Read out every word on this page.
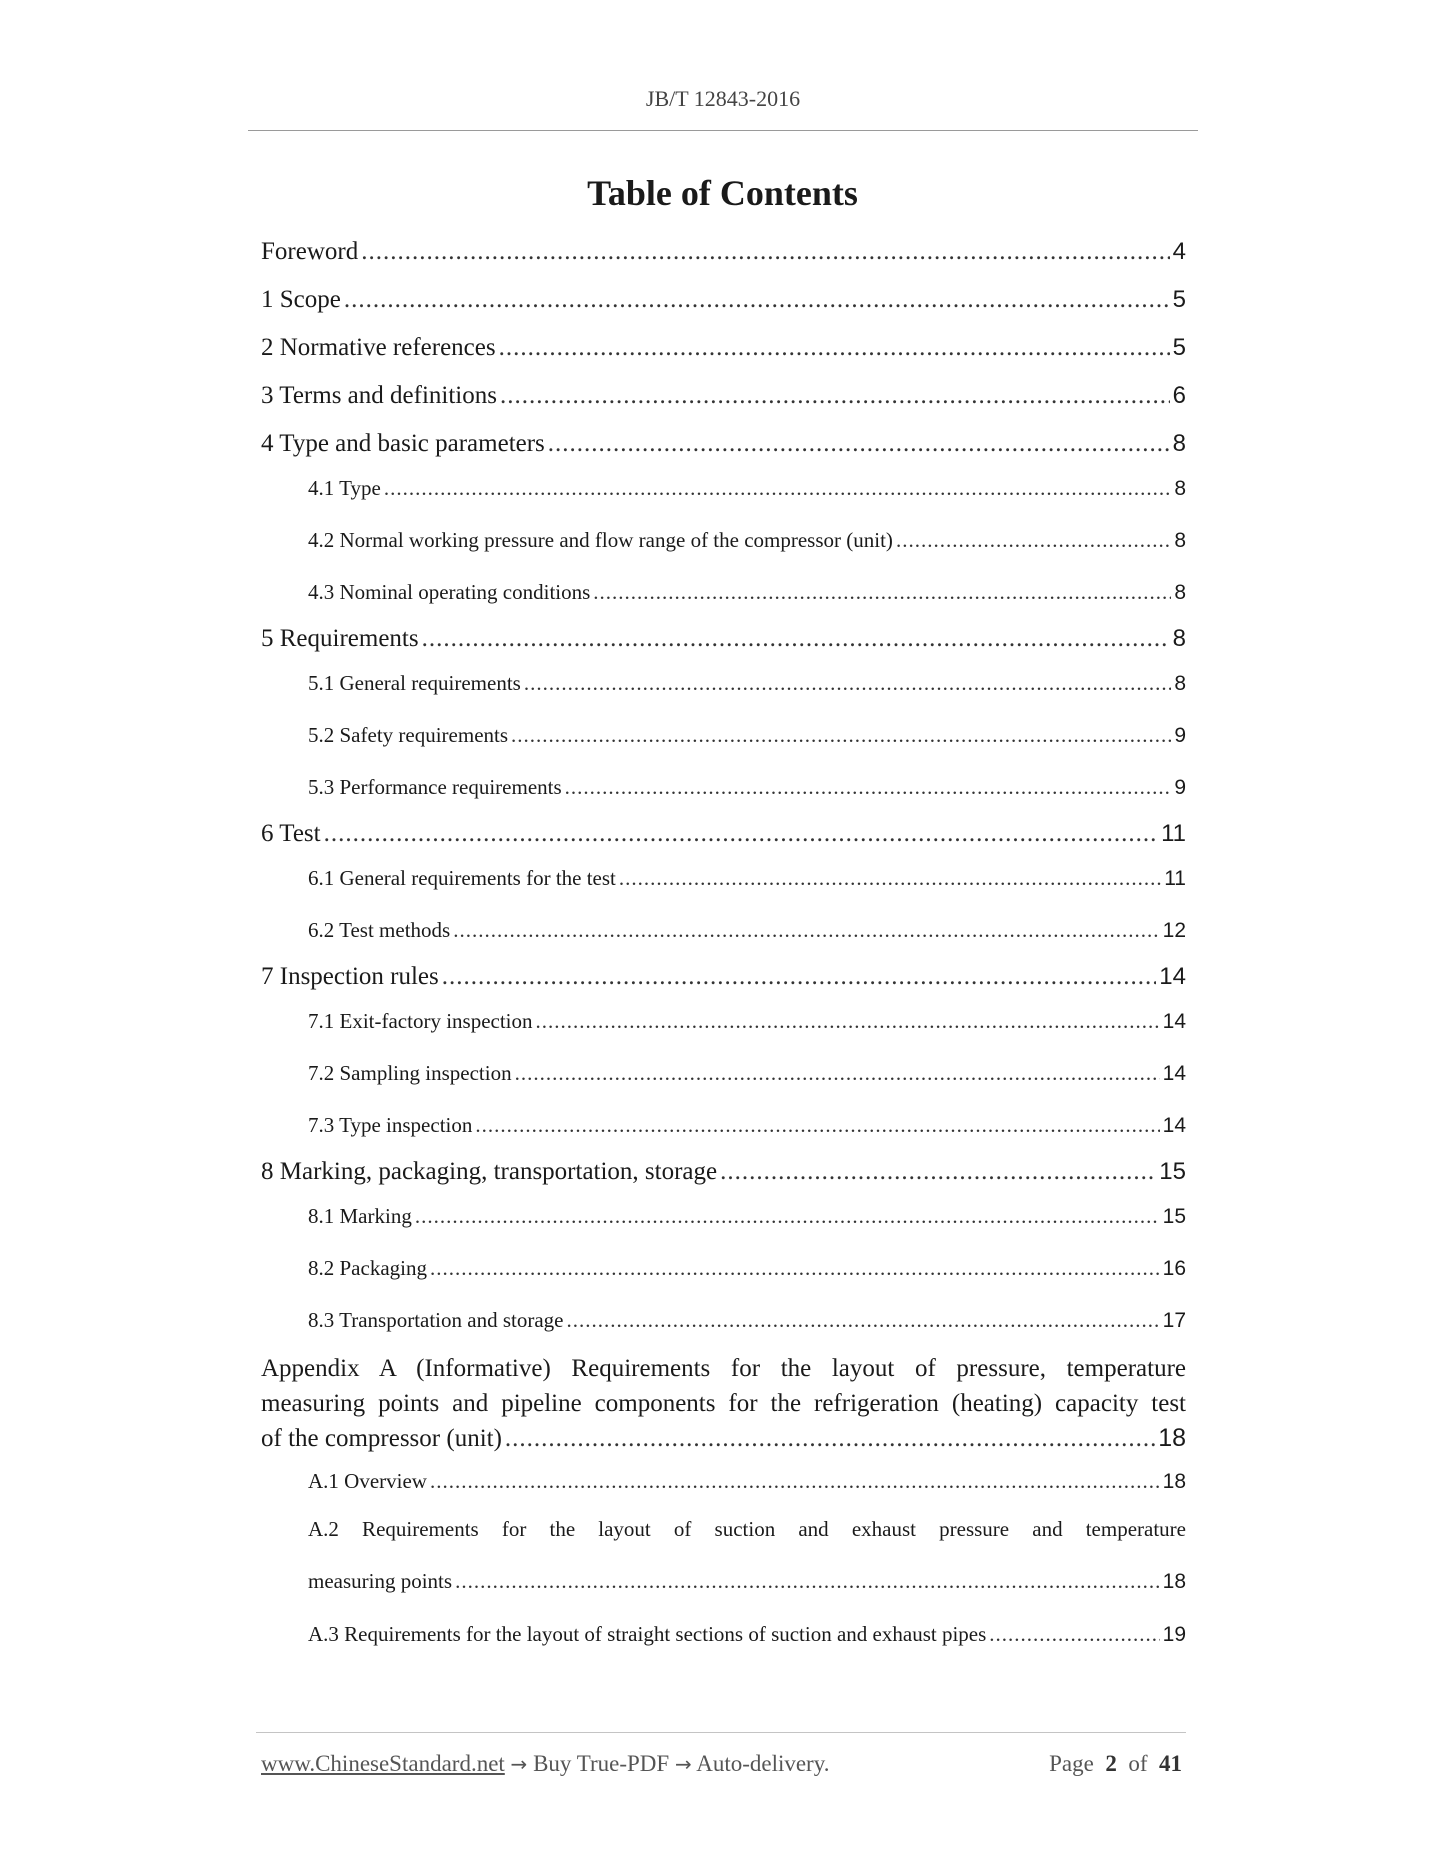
JB/T 12843-2016
Table of Contents
Foreword .....	4
1 Scope .....	5
2 Normative references .....	5
3 Terms and definitions .....	6
4 Type and basic parameters .....	8
4.1 Type .....	8
4.2 Normal working pressure and flow range of the compressor (unit) .....	8
4.3 Nominal operating conditions .....	8
5 Requirements .....	8
5.1 General requirements .....	8
5.2 Safety requirements .....	9
5.3 Performance requirements .....	9
6 Test .....	11
6.1 General requirements for the test .....	11
6.2 Test methods .....	12
7 Inspection rules .....	14
7.1 Exit-factory inspection .....	14
7.2 Sampling inspection .....	14
7.3 Type inspection .....	14
8 Marking, packaging, transportation, storage .....	15
8.1 Marking .....	15
8.2 Packaging .....	16
8.3 Transportation and storage .....	17
Appendix A (Informative) Requirements for the layout of pressure, temperature
measuring points and pipeline components for the refrigeration (heating) capacity test
of the compressor (unit) .....	18
A.1 Overview .....	18
A.2 Requirements for the layout of suction and exhaust pressure and temperature
measuring points .....	18
A.3 Requirements for the layout of straight sections of suction and exhaust pipes .....	19
www.ChineseStandard.net → Buy True-PDF → Auto-delivery.	Page 2 of 41
